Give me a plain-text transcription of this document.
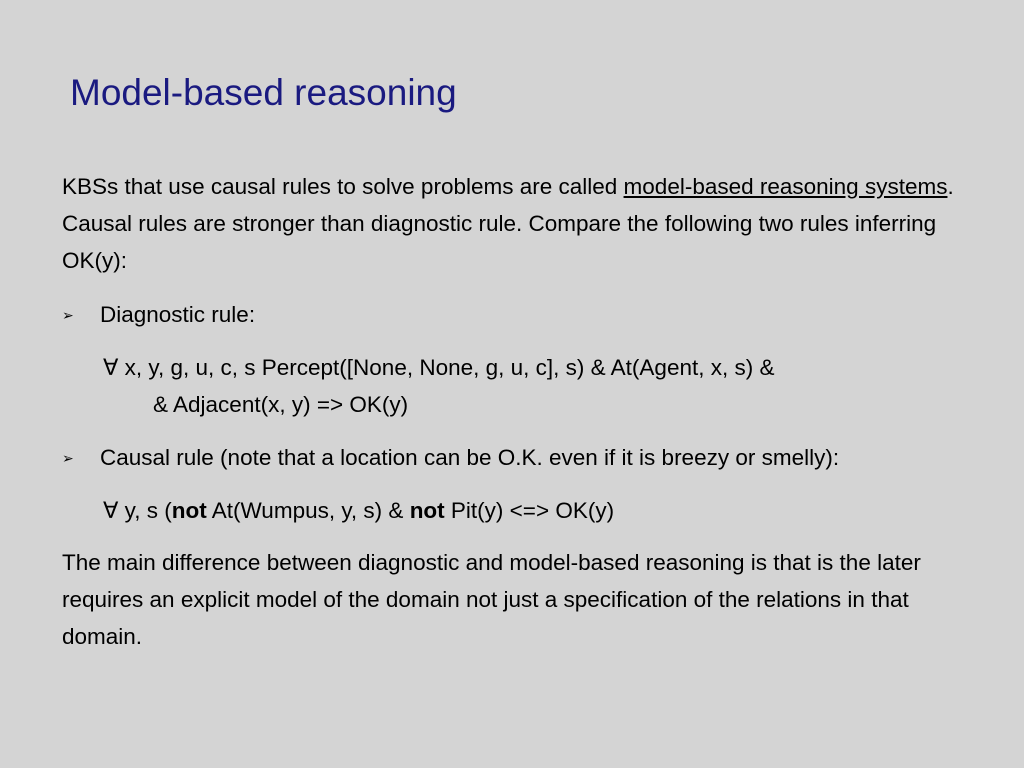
Model-based reasoning

KBSs that use causal rules to solve problems are called model-based reasoning systems. Causal rules are stronger than diagnostic rule. Compare the following two rules inferring OK(y):

➢ Diagnostic rule:
∀ x, y, g, u, c, s Percept([None, None, g, u, c], s) & At(Agent, x, s) &
& Adjacent(x, y) => OK(y)
➢ Causal rule (note that a location can be O.K. even if it is breezy or smelly):
∀ y, s (not At(Wumpus, y, s) & not Pit(y) <=> OK(y)

The main difference between diagnostic and model-based reasoning is that is the later requires an explicit model of the domain not just a specification of the relations in that domain.
